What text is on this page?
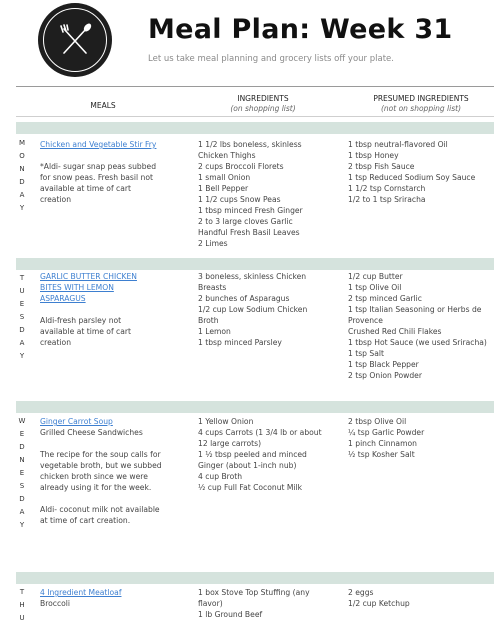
Meal Plan: Week 31
Let us take meal planning and grocery lists off your plate.
MEALS
INGREDIENTS
(on shopping list)
PRESUMED INGREDIENTS
(not on shopping list)
M
O
N
D
A
Y

Chicken and Vegetable Stir Fry

*Aldi- sugar snap peas subbed for snow peas. Fresh basil not available at time of cart creation

1 1/2 lbs boneless, skinless Chicken Thighs

2 cups Broccoli Florets

1 small Onion

1 Bell Pepper

1 1/2 cups Snow Peas

1 tbsp minced Fresh Ginger

2 to 3 large cloves Garlic

Handful Fresh Basil Leaves

2 Limes

1 tbsp neutral-flavored Oil

1 tbsp Honey

2 tbsp Fish Sauce

1 tsp Reduced Sodium Soy Sauce

1 1/2 tsp Cornstarch

1/2 to 1 tsp Sriracha

T
U
E
S
D
A
Y

GARLIC BUTTER CHICKEN BITES WITH LEMON ASPARAGUS

Aldi-fresh parsley not available at time of cart creation

3 boneless, skinless Chicken Breasts

2 bunches of Asparagus

1/2 cup Low Sodium Chicken Broth

1 Lemon

1 tbsp minced Parsley

1/2 cup Butter

1 tsp Olive Oil

2 tsp minced Garlic

1 tsp Italian Seasoning or Herbs de Provence

Crushed Red Chili Flakes

1 tbsp Hot Sauce (we used Sriracha)

1 tsp Salt

1 tsp Black Pepper

2 tsp Onion Powder

W
E
D
N
E
S
D
A
Y

Ginger Carrot Soup

Grilled Cheese Sandwiches

The recipe for the soup calls for vegetable broth, but we subbed chicken broth since we were already using it for the week.

Aldi- coconut milk not available at time of cart creation.

1 Yellow Onion

4 cups Carrots (1 3/4 lb or about 12 large carrots)

1 ½ tbsp peeled and minced Ginger (about 1-inch nub)

4 cup Broth

½ cup Full Fat Coconut Milk

2 tbsp Olive Oil

¼ tsp Garlic Powder

1 pinch Cinnamon

½ tsp Kosher Salt

T
H
U

4 Ingredient Meatloaf

Broccoli

1 box Stove Top Stuffing (any flavor)

1 lb Ground Beef

2 eggs

1/2 cup Ketchup
